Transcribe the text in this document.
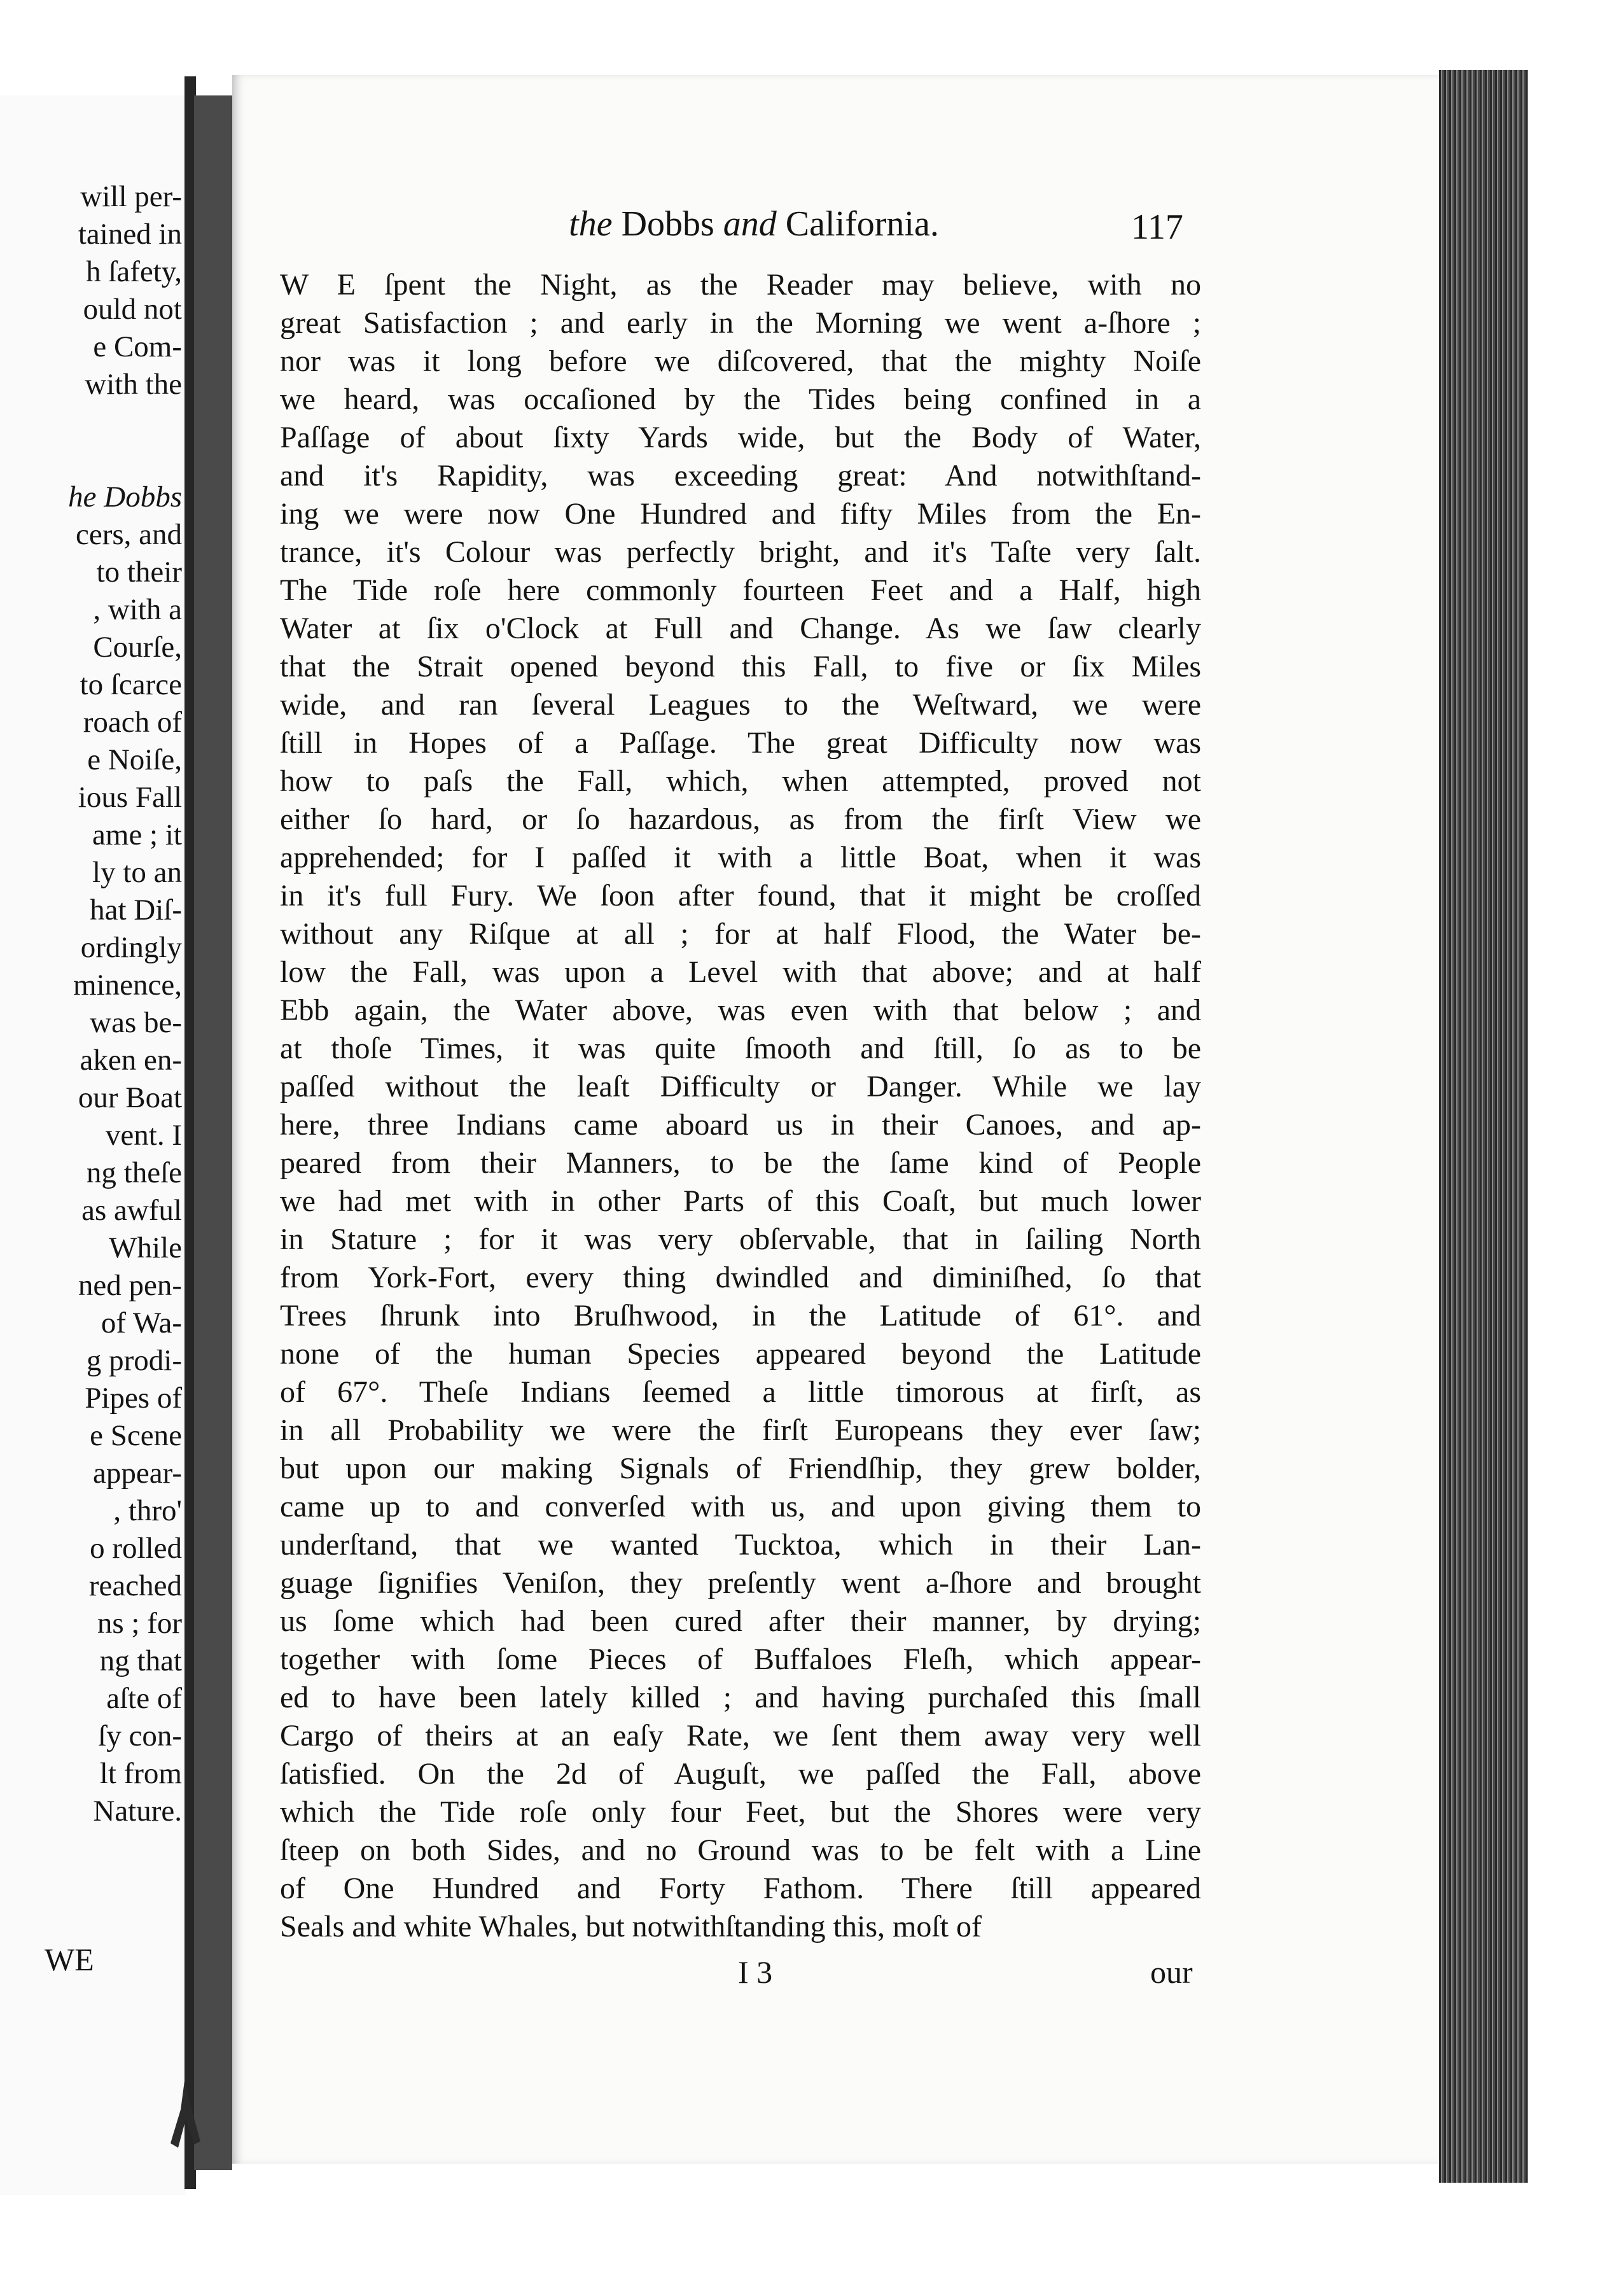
will per-
tained in
h ſafety,
ould not
e Com-
with the
he Dobbs
cers, and
to their
, with a
Courſe,
to ſcarce
roach of
e Noiſe,
ious Fall
ame ; it
ly to an
hat Diſ-
ordingly
minence,
was be-
aken en-
our Boat
vent. I
ng theſe
as awful
While
ned pen-
of Wa-
g prodi-
Pipes of
e Scene
appear-
, thro'
o rolled
reached
ns ; for
ng that
aſte of
ſy con-
lt from
Nature.
the Dobbs and California.	117
W E ſpent the Night, as the Reader may believe, with no
great Satisfaction ; and early in the Morning we went a-ſhore ;
nor was it long before we diſcovered, that the mighty Noiſe
we heard, was occaſioned by the Tides being confined in a
Paſſage of about ſixty Yards wide, but the Body of Water,
and it's Rapidity, was exceeding great: And notwithſtand-
ing we were now One Hundred and fifty Miles from the En-
trance, it's Colour was perfectly bright, and it's Taſte very ſalt.
The Tide roſe here commonly fourteen Feet and a Half, high
Water at ſix o'Clock at Full and Change. As we ſaw clearly
that the Strait opened beyond this Fall, to five or ſix Miles
wide, and ran ſeveral Leagues to the Weſtward, we were
ſtill in Hopes of a Paſſage. The great Difficulty now was
how to paſs the Fall, which, when attempted, proved not
either ſo hard, or ſo hazardous, as from the firſt View we
apprehended; for I paſſed it with a little Boat, when it was
in it's full Fury. We ſoon after found, that it might be croſſed
without any Riſque at all ; for at half Flood, the Water be-
low the Fall, was upon a Level with that above; and at half
Ebb again, the Water above, was even with that below ; and
at thoſe Times, it was quite ſmooth and ſtill, ſo as to be
paſſed without the leaſt Difficulty or Danger. While we lay
here, three Indians came aboard us in their Canoes, and ap-
peared from their Manners, to be the ſame kind of People
we had met with in other Parts of this Coaſt, but much lower
in Stature ; for it was very obſervable, that in ſailing North
from York-Fort, every thing dwindled and diminiſhed, ſo that
Trees ſhrunk into Bruſhwood, in the Latitude of 61°. and
none of the human Species appeared beyond the Latitude
of 67°. Theſe Indians ſeemed a little timorous at firſt, as
in all Probability we were the firſt Europeans they ever ſaw;
but upon our making Signals of Friendſhip, they grew bolder,
came up to and converſed with us, and upon giving them to
underſtand, that we wanted Tucktoa, which in their Lan-
guage ſignifies Veniſon, they preſently went a-ſhore and brought
us ſome which had been cured after their manner, by drying;
together with ſome Pieces of Buffaloes Fleſh, which appear-
ed to have been lately killed ; and having purchaſed this ſmall
Cargo of theirs at an eaſy Rate, we ſent them away very well
ſatisfied. On the 2d of Auguſt, we paſſed the Fall, above
which the Tide roſe only four Feet, but the Shores were very
ſteep on both Sides, and no Ground was to be felt with a Line
of One Hundred and Forty Fathom. There ſtill appeared
Seals and white Whales, but notwithſtanding this, moſt of
I 3	our
WE
